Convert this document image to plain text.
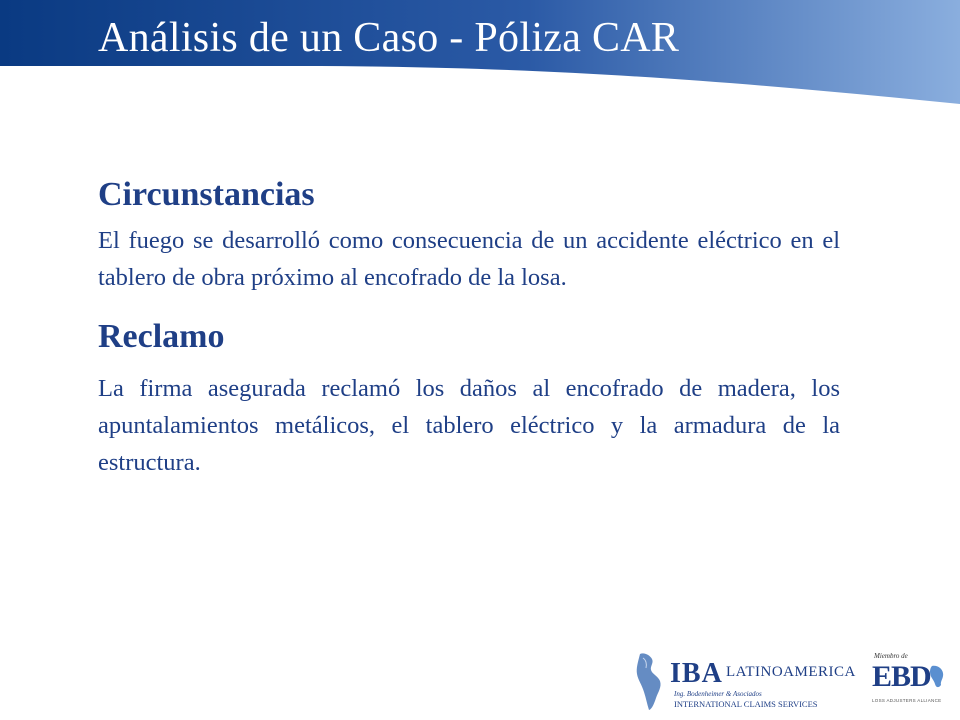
Análisis de un Caso - Póliza CAR
Circunstancias

El fuego se desarrolló como consecuencia de un accidente eléctrico en el tablero de obra próximo al encofrado de la losa.

Reclamo

La firma asegurada reclamó los daños al encofrado de madera, los apuntalamientos metálicos, el tablero eléctrico y la armadura de la estructura.

IBA LATINOAMERICA
Ing. Bodenheimer & Asociados
INTERNATIONAL CLAIMS SERVICES
Miembro de
EBD
LOSS ADJUSTERS ALLIANCE
